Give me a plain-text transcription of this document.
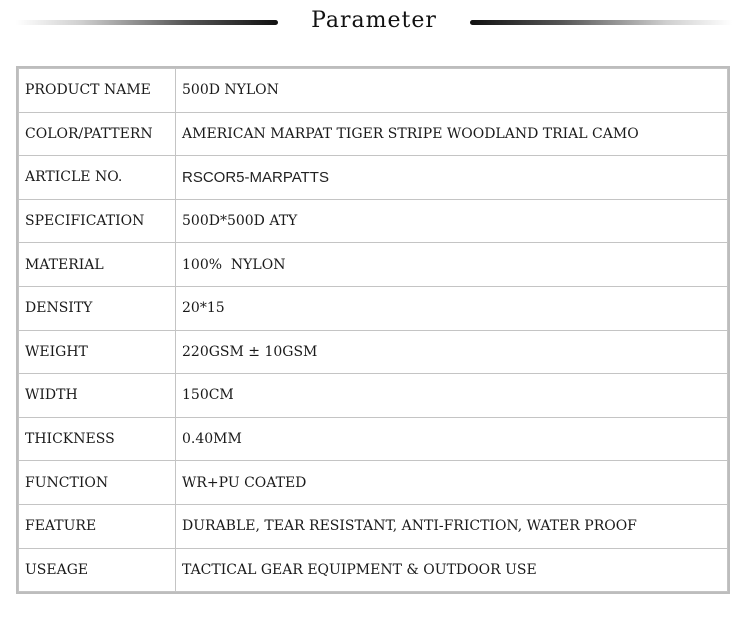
Parameter
PRODUCT NAME	500D NYLON
COLOR/PATTERN	AMERICAN MARPAT TIGER STRIPE WOODLAND TRIAL CAMO
ARTICLE NO.	RSCOR5-MARPATTS
SPECIFICATION	500D*500D ATY
MATERIAL	100%  NYLON
DENSITY	20*15
WEIGHT	220GSM ± 10GSM
WIDTH	150CM
THICKNESS	0.40MM
FUNCTION	WR+PU COATED
FEATURE	DURABLE, TEAR RESISTANT, ANTI-FRICTION, WATER PROOF
USEAGE	TACTICAL GEAR EQUIPMENT & OUTDOOR USE
